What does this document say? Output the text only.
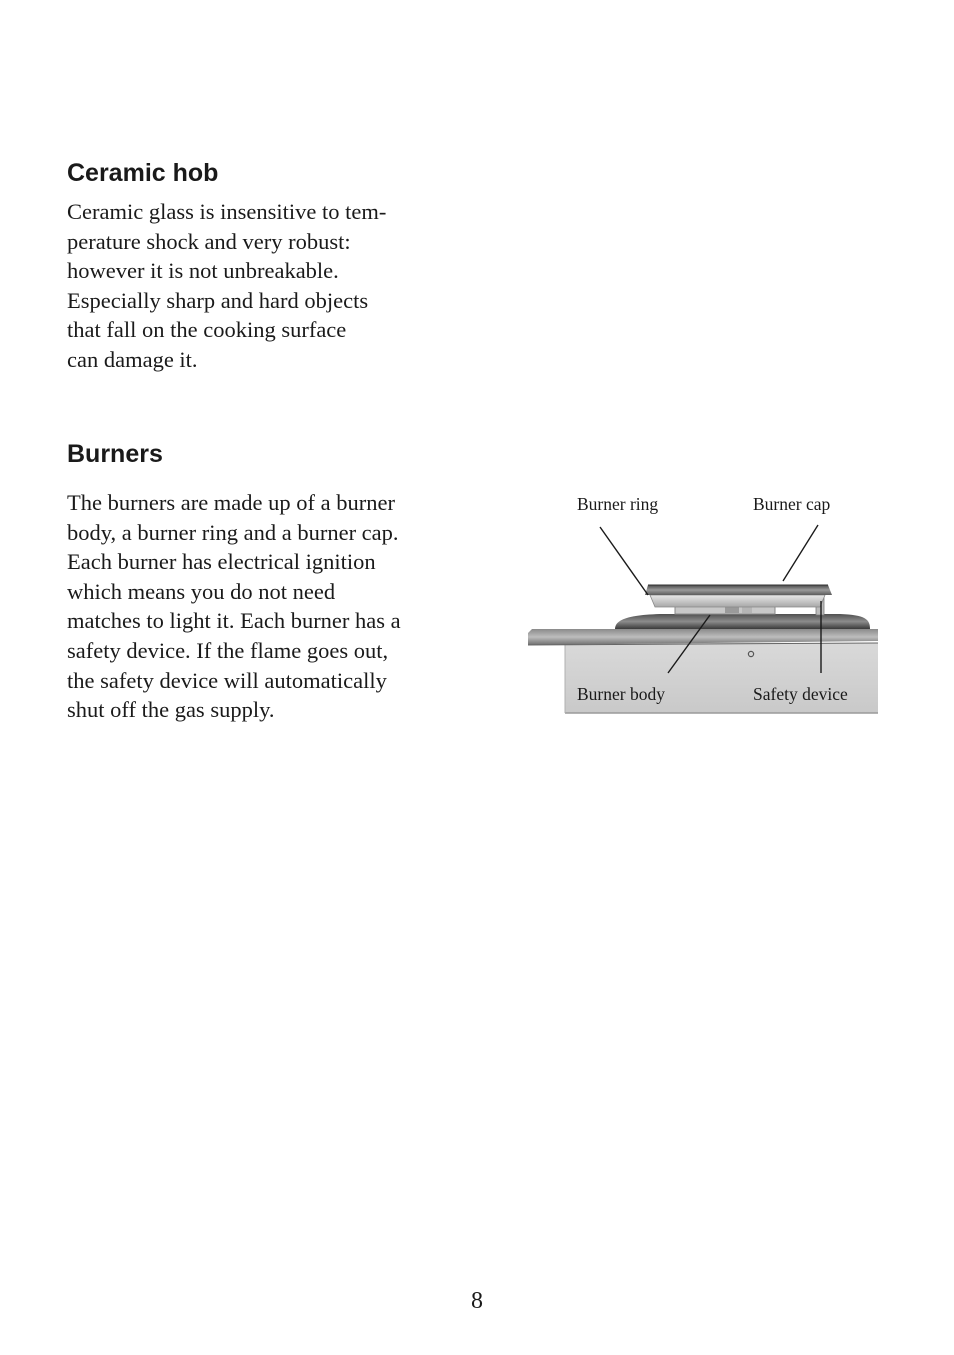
Ceramic hob
Ceramic glass is insensitive to tem-
perature shock and very robust:
however it is not unbreakable.
Especially sharp and hard objects
that fall on the cooking surface
can damage it.
Burners
The burners are made up of a burner
body, a burner ring and a burner cap.
Each burner has electrical ignition
which means you do not need
matches to light it. Each burner has a
safety device. If the flame goes out,
the safety device will automatically
shut off the gas supply.
Burner ring	Burner cap
Burner body	Safety device
8
